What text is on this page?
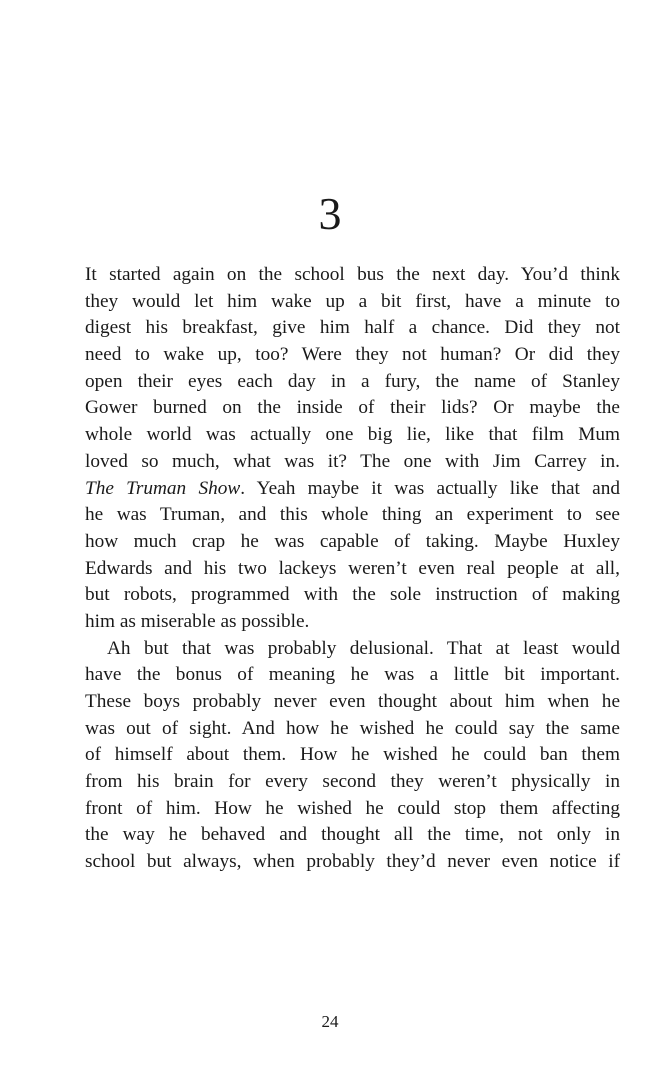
3
It started again on the school bus the next day. You’d think
they would let him wake up a bit first, have a minute to
digest his breakfast, give him half a chance. Did they not
need to wake up, too? Were they not human? Or did they
open their eyes each day in a fury, the name of Stanley
Gower burned on the inside of their lids? Or maybe the
whole world was actually one big lie, like that film Mum
loved so much, what was it? The one with Jim Carrey in.
The Truman Show. Yeah maybe it was actually like that and
he was Truman, and this whole thing an experiment to see
how much crap he was capable of taking. Maybe Huxley
Edwards and his two lackeys weren’t even real people at all,
but robots, programmed with the sole instruction of making
him as miserable as possible.
Ah but that was probably delusional. That at least would
have the bonus of meaning he was a little bit important.
These boys probably never even thought about him when he
was out of sight. And how he wished he could say the same
of himself about them. How he wished he could ban them
from his brain for every second they weren’t physically in
front of him. How he wished he could stop them affecting
the way he behaved and thought all the time, not only in
school but always, when probably they’d never even notice if
24
